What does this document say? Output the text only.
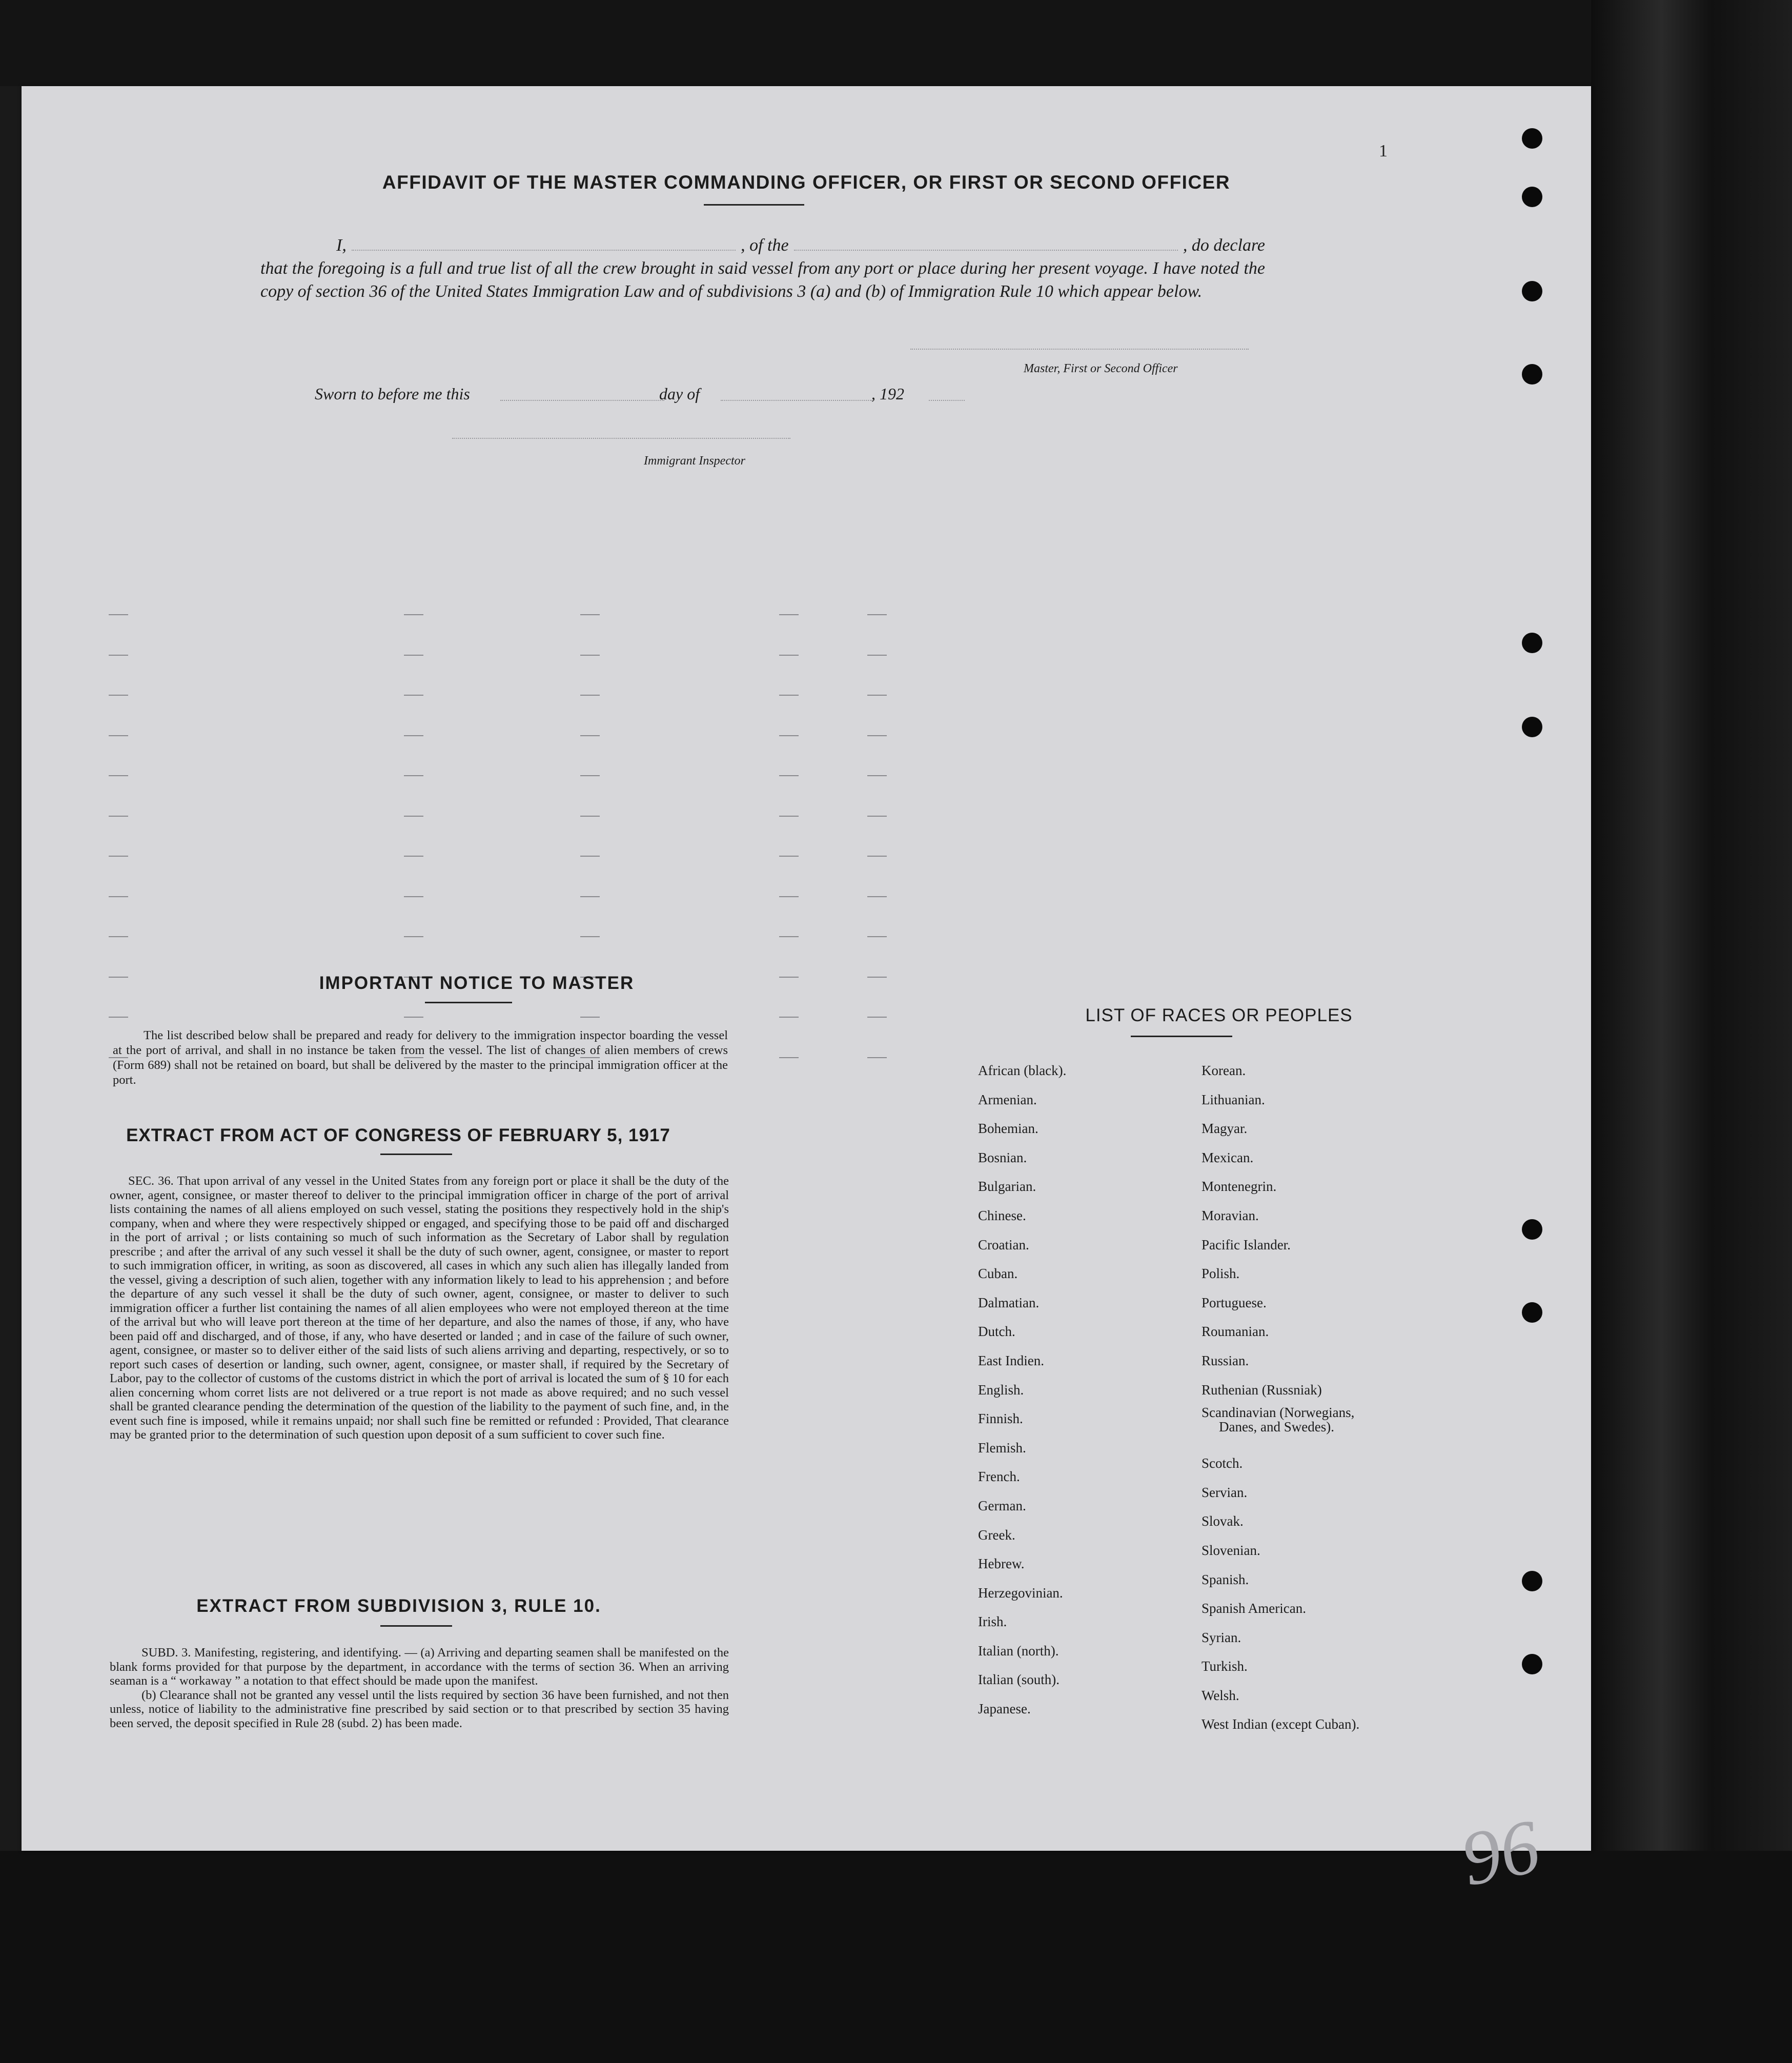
1
AFFIDAVIT OF THE MASTER COMMANDING OFFICER, OR FIRST OR SECOND OFFICER
I,	, of the	, do declare
that the foregoing is a full and true list of all the crew brought in said vessel from any port or place during her present voyage. I have noted the copy of section 36 of the United States Immigration Law and of subdivisions 3 (a) and (b) of Immigration Rule 10 which appear below.
Master, First or Second Officer
Sworn to before me this	day of	, 192
Immigrant Inspector
IMPORTANT NOTICE TO MASTER
The list described below shall be prepared and ready for delivery to the immigration inspector boarding the vessel at the port of arrival, and shall in no instance be taken from the vessel. The list of changes of alien members of crews (Form 689) shall not be retained on board, but shall be delivered by the master to the principal immigration officer at the port.
EXTRACT FROM ACT OF CONGRESS OF FEBRUARY 5, 1917
SEC. 36. That upon arrival of any vessel in the United States from any foreign port or place it shall be the duty of the owner, agent, consignee, or master thereof to deliver to the principal immigration officer in charge of the port of arrival lists containing the names of all aliens employed on such vessel, stating the positions they respectively hold in the ship's company, when and where they were respectively shipped or engaged, and specifying those to be paid off and discharged in the port of arrival ; or lists containing so much of such information as the Secretary of Labor shall by regulation prescribe ; and after the arrival of any such vessel it shall be the duty of such owner, agent, consignee, or master to report to such immigration officer, in writing, as soon as discovered, all cases in which any such alien has illegally landed from the vessel, giving a description of such alien, together with any information likely to lead to his apprehension ; and before the departure of any such vessel it shall be the duty of such owner, agent, consignee, or master to deliver to such immigration officer a further list containing the names of all alien employees who were not employed thereon at the time of the arrival but who will leave port thereon at the time of her departure, and also the names of those, if any, who have been paid off and discharged, and of those, if any, who have deserted or landed ; and in case of the failure of such owner, agent, consignee, or master so to deliver either of the said lists of such aliens arriving and departing, respectively, or so to report such cases of desertion or landing, such owner, agent, consignee, or master shall, if required by the Secretary of Labor, pay to the collector of customs of the customs district in which the port of arrival is located the sum of § 10 for each alien concerning whom corret lists are not delivered or a true report is not made as above required; and no such vessel shall be granted clearance pending the determination of the question of the liability to the payment of such fine, and, in the event such fine is imposed, while it remains unpaid; nor shall such fine be remitted or refunded : Provided, That clearance may be granted prior to the determination of such question upon deposit of a sum sufficient to cover such fine.
EXTRACT FROM SUBDIVISION 3, RULE 10.

SUBD. 3. Manifesting, registering, and identifying. — (a) Arriving and departing seamen shall be manifested on the blank forms provided for that purpose by the department, in accordance with the terms of section 36. When an arriving seaman is a “ workaway ” a notation to that effect should be made upon the manifest.

(b) Clearance shall not be granted any vessel until the lists required by section 36 have been furnished, and not then unless, notice of liability to the administrative fine prescribed by said section or to that prescribed by section 35 having been served, the deposit specified in Rule 28 (subd. 2) has been made.

LIST OF RACES OR PEOPLES
African (black).
Armenian.
Bohemian.
Bosnian.
Bulgarian.
Chinese.
Croatian.
Cuban.
Dalmatian.
Dutch.
East Indien.
English.
Finnish.
Flemish.
French.
German.
Greek.
Hebrew.
Herzegovinian.
Irish.
Italian (north).
Italian (south).
Japanese.
Korean.
Lithuanian.
Magyar.
Mexican.
Montenegrin.
Moravian.
Pacific Islander.
Polish.
Portuguese.
Roumanian.
Russian.
Ruthenian (Russniak)
Scandinavian (Norwegians,
Danes, and Swedes).
Scotch.
Servian.
Slovak.
Slovenian.
Spanish.
Spanish American.
Syrian.
Turkish.
Welsh.
West Indian (except Cuban).
96
